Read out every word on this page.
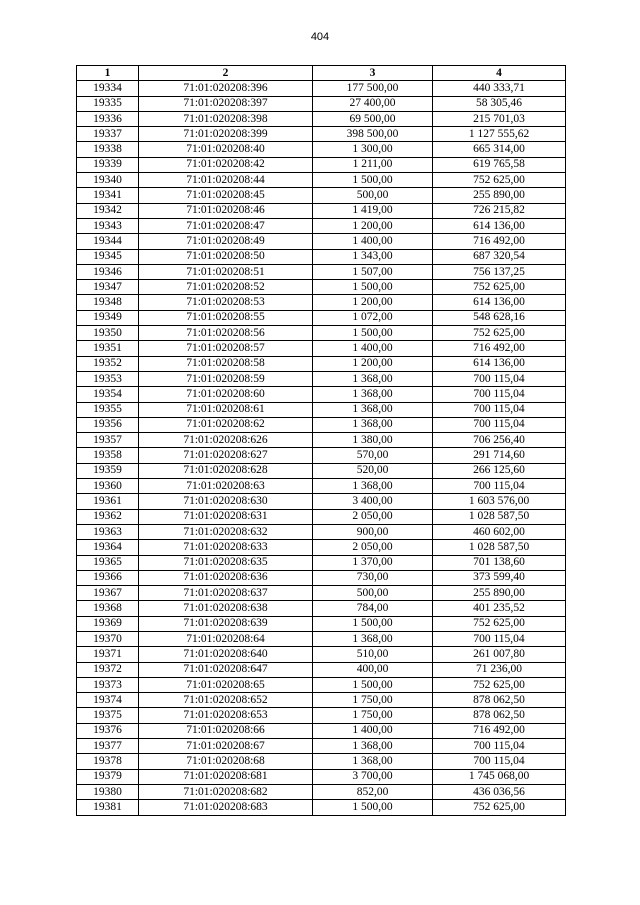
404
1	2	3	4
19334	71:01:020208:396	177 500,00	440 333,71
19335	71:01:020208:397	27 400,00	58 305,46
19336	71:01:020208:398	69 500,00	215 701,03
19337	71:01:020208:399	398 500,00	1 127 555,62
19338	71:01:020208:40	1 300,00	665 314,00
19339	71:01:020208:42	1 211,00	619 765,58
19340	71:01:020208:44	1 500,00	752 625,00
19341	71:01:020208:45	500,00	255 890,00
19342	71:01:020208:46	1 419,00	726 215,82
19343	71:01:020208:47	1 200,00	614 136,00
19344	71:01:020208:49	1 400,00	716 492,00
19345	71:01:020208:50	1 343,00	687 320,54
19346	71:01:020208:51	1 507,00	756 137,25
19347	71:01:020208:52	1 500,00	752 625,00
19348	71:01:020208:53	1 200,00	614 136,00
19349	71:01:020208:55	1 072,00	548 628,16
19350	71:01:020208:56	1 500,00	752 625,00
19351	71:01:020208:57	1 400,00	716 492,00
19352	71:01:020208:58	1 200,00	614 136,00
19353	71:01:020208:59	1 368,00	700 115,04
19354	71:01:020208:60	1 368,00	700 115,04
19355	71:01:020208:61	1 368,00	700 115,04
19356	71:01:020208:62	1 368,00	700 115,04
19357	71:01:020208:626	1 380,00	706 256,40
19358	71:01:020208:627	570,00	291 714,60
19359	71:01:020208:628	520,00	266 125,60
19360	71:01:020208:63	1 368,00	700 115,04
19361	71:01:020208:630	3 400,00	1 603 576,00
19362	71:01:020208:631	2 050,00	1 028 587,50
19363	71:01:020208:632	900,00	460 602,00
19364	71:01:020208:633	2 050,00	1 028 587,50
19365	71:01:020208:635	1 370,00	701 138,60
19366	71:01:020208:636	730,00	373 599,40
19367	71:01:020208:637	500,00	255 890,00
19368	71:01:020208:638	784,00	401 235,52
19369	71:01:020208:639	1 500,00	752 625,00
19370	71:01:020208:64	1 368,00	700 115,04
19371	71:01:020208:640	510,00	261 007,80
19372	71:01:020208:647	400,00	71 236,00
19373	71:01:020208:65	1 500,00	752 625,00
19374	71:01:020208:652	1 750,00	878 062,50
19375	71:01:020208:653	1 750,00	878 062,50
19376	71:01:020208:66	1 400,00	716 492,00
19377	71:01:020208:67	1 368,00	700 115,04
19378	71:01:020208:68	1 368,00	700 115,04
19379	71:01:020208:681	3 700,00	1 745 068,00
19380	71:01:020208:682	852,00	436 036,56
19381	71:01:020208:683	1 500,00	752 625,00
